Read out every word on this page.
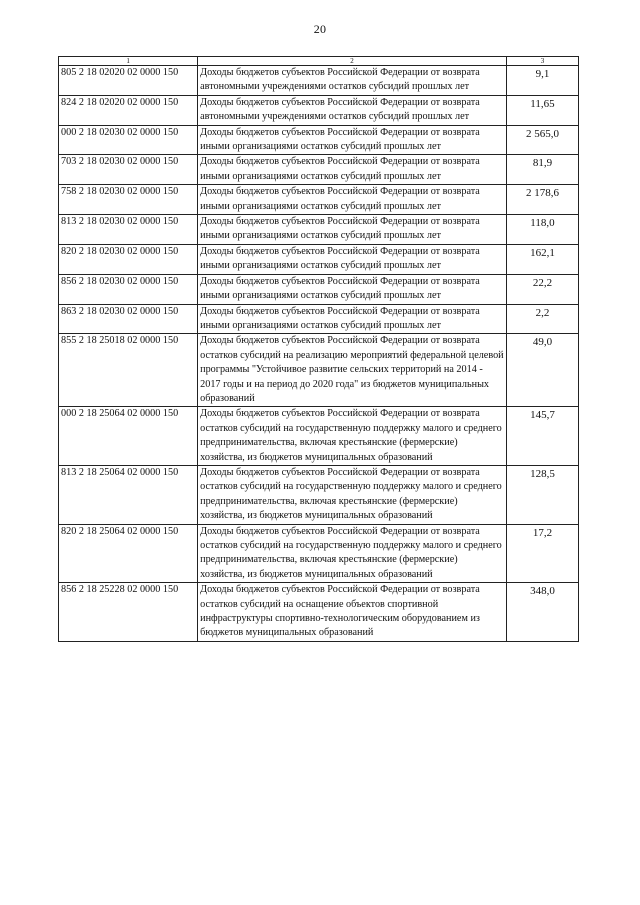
20
1	2	3
805 2 18 02020 02 0000 150	Доходы бюджетов субъектов Российской Федерации от возврата автономными учреждениями остатков субсидий прошлых лет	9,1
824 2 18 02020 02 0000 150	Доходы бюджетов субъектов Российской Федерации от возврата автономными учреждениями остатков субсидий прошлых лет	11,65
000 2 18 02030 02 0000 150	Доходы бюджетов субъектов Российской Федерации от возврата иными организациями остатков субсидий прошлых лет	2 565,0
703 2 18 02030 02 0000 150	Доходы бюджетов субъектов Российской Федерации от возврата иными организациями остатков субсидий прошлых лет	81,9
758 2 18 02030 02 0000 150	Доходы бюджетов субъектов Российской Федерации от возврата иными организациями остатков субсидий прошлых лет	2 178,6
813 2 18 02030 02 0000 150	Доходы бюджетов субъектов Российской Федерации от возврата иными организациями остатков субсидий прошлых лет	118,0
820 2 18 02030 02 0000 150	Доходы бюджетов субъектов Российской Федерации от возврата иными организациями остатков субсидий прошлых лет	162,1
856 2 18 02030 02 0000 150	Доходы бюджетов субъектов Российской Федерации от возврата иными организациями остатков субсидий прошлых лет	22,2
863 2 18 02030 02 0000 150	Доходы бюджетов субъектов Российской Федерации от возврата иными организациями остатков субсидий прошлых лет	2,2
855 2 18 25018 02 0000 150	Доходы бюджетов субъектов Российской Федерации от возврата остатков субсидий на реализацию мероприятий федеральной целевой программы "Устойчивое развитие сельских территорий на 2014 - 2017 годы и на период до 2020 года" из бюджетов муниципальных образований	49,0
000 2 18 25064 02 0000 150	Доходы бюджетов субъектов Российской Федерации от возврата остатков субсидий на государственную поддержку малого и среднего предпринимательства, включая крестьянские (фермерские) хозяйства, из бюджетов муниципальных образований	145,7
813 2 18 25064 02 0000 150	Доходы бюджетов субъектов Российской Федерации от возврата остатков субсидий на государственную поддержку малого и среднего предпринимательства, включая крестьянские (фермерские) хозяйства, из бюджетов муниципальных образований	128,5
820 2 18 25064 02 0000 150	Доходы бюджетов субъектов Российской Федерации от возврата остатков субсидий на государственную поддержку малого и среднего предпринимательства, включая крестьянские (фермерские) хозяйства, из бюджетов муниципальных образований	17,2
856 2 18 25228 02 0000 150	Доходы бюджетов субъектов Российской Федерации от возврата остатков субсидий на оснащение объектов спортивной инфраструктуры спортивно-технологическим оборудованием из бюджетов муниципальных образований	348,0
